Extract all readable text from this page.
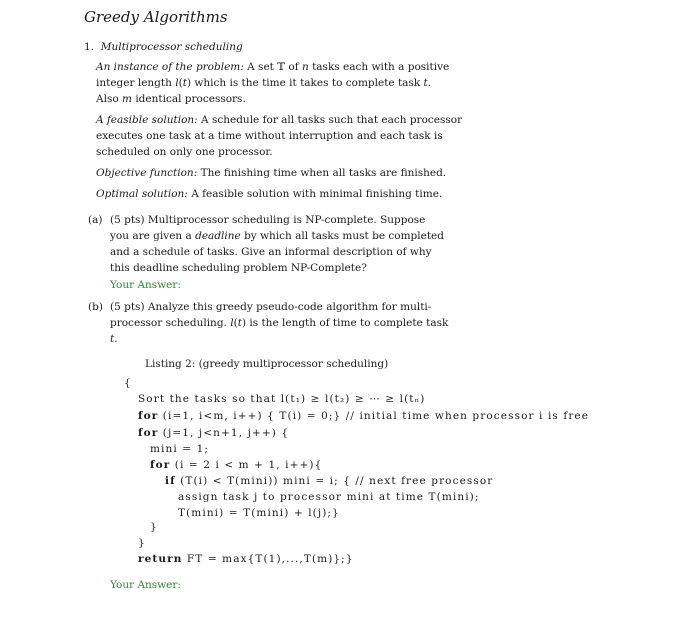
Greedy Algorithms
1. Multiprocessor scheduling
An instance of the problem: A set 𝕋 of n tasks each with a positive
integer length l(t) which is the time it takes to complete task t.
Also m identical processors.
A feasible solution: A schedule for all tasks such that each processor
executes one task at a time without interruption and each task is
scheduled on only one processor.
Objective function: The finishing time when all tasks are finished.
Optimal solution: A feasible solution with minimal finishing time.
(a) (5 pts) Multiprocessor scheduling is NP-complete. Suppose
you are given a deadline by which all tasks must be completed
and a schedule of tasks. Give an informal description of why
this deadline scheduling problem NP-Complete?
Your Answer:
(b) (5 pts) Analyze this greedy pseudo-code algorithm for multi-
processor scheduling. l(t) is the length of time to complete task
t.
Listing 2: (greedy multiprocessor scheduling)
{
Sort the tasks so that l(t₁) ≥ l(t₂) ≥ ⋯ ≥ l(tₙ)
for (i=1, i<m, i++) { T(i) = 0;} // initial time when processor i is free
for (j=1, j<n+1, j++) {
mini = 1;
for (i = 2 i < m + 1, i++){
if (T(i) < T(mini)) mini = i; { // next free processor
assign task j to processor mini at time T(mini);
T(mini) = T(mini) + l(j);}
}
}
return FT = max{T(1),...,T(m)};}
Your Answer:
